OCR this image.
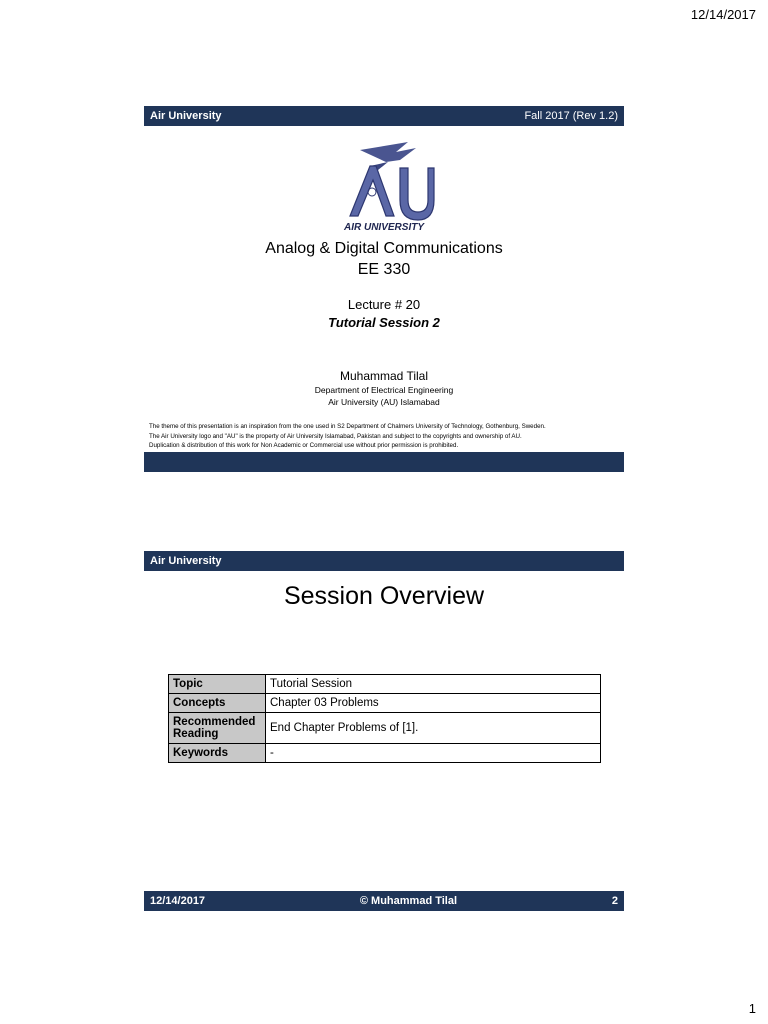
12/14/2017
Air University	Fall 2017 (Rev 1.2)
AIR UNIVERSITY
Analog & Digital Communications
EE 330
Lecture # 20
Tutorial Session 2
Muhammad Tilal
Department of Electrical Engineering
Air University (AU) Islamabad
The theme of this presentation is an inspiration from the one used in S2 Department of Chalmers University of Technology, Gothenburg, Sweden.
The Air University logo and "AU" is the property of Air University Islamabad, Pakistan and subject to the copyrights and ownership of AU.
Duplication & distribution of this work for Non Academic or Commercial use without prior permission is prohibited.
Air University
Session Overview
Topic	Tutorial Session
Concepts	Chapter 03 Problems
Recommended Reading	End Chapter Problems of [1].
Keywords	-
12/14/2017	© Muhammad Tilal	2
1
